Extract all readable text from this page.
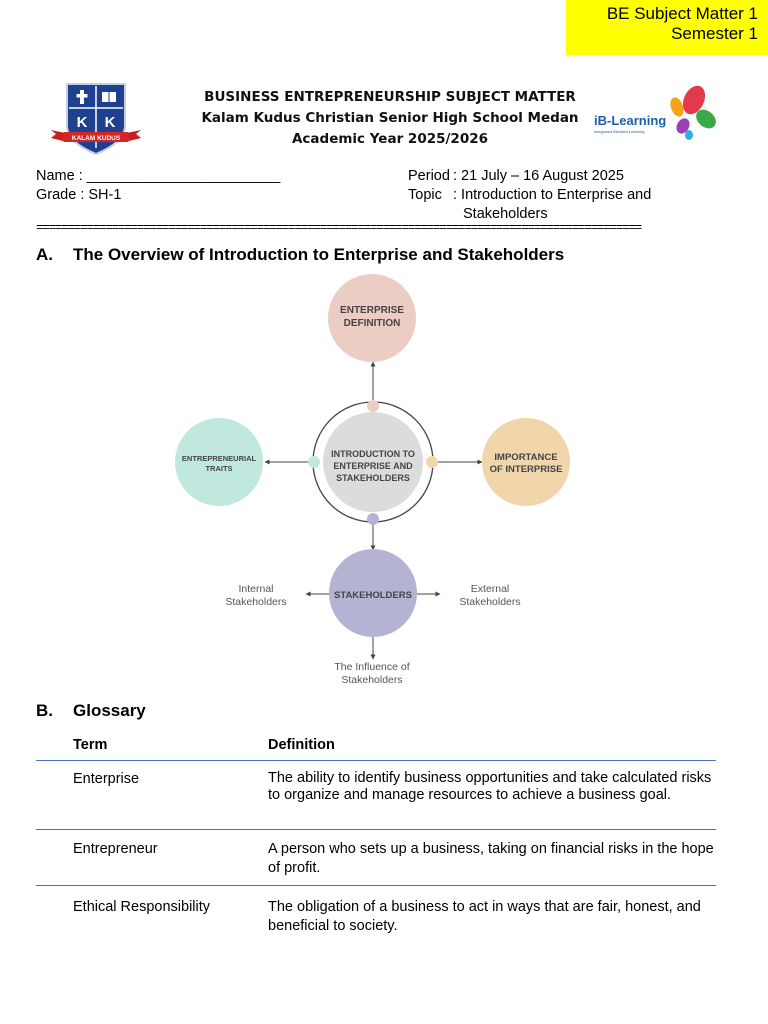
BE Subject Matter 1
Semester 1
K K
KALAM KUDUS
BUSINESS ENTREPRENEURSHIP SUBJECT MATTER
Kalam Kudus Christian Senior High School Medan
Academic Year 2025/2026
iB-Learning
Integrated Blended Learning
Name : ________________________
Grade : SH-1
Period : 21 July – 16 August 2025
Topic : Introduction to Enterprise and
Stakeholders
================================================================================================
A. The Overview of Introduction to Enterprise and Stakeholders
INTRODUCTION TO
ENTERPRISE AND
STAKEHOLDERS
ENTERPRISE
DEFINITION
IMPORTANCE
OF INTERPRISE
ENTREPRENEURIAL
TRAITS
STAKEHOLDERS
Internal
Stakeholders
External
Stakeholders
The Influence of
Stakeholders
B. Glossary
Term	Definition
Enterprise	The ability to identify business opportunities and take calculated risks to organize and manage resources to achieve a business goal.
Entrepreneur	A person who sets up a business, taking on financial risks in the hope of profit.
Ethical Responsibility	The obligation of a business to act in ways that are fair, honest, and beneficial to society.
